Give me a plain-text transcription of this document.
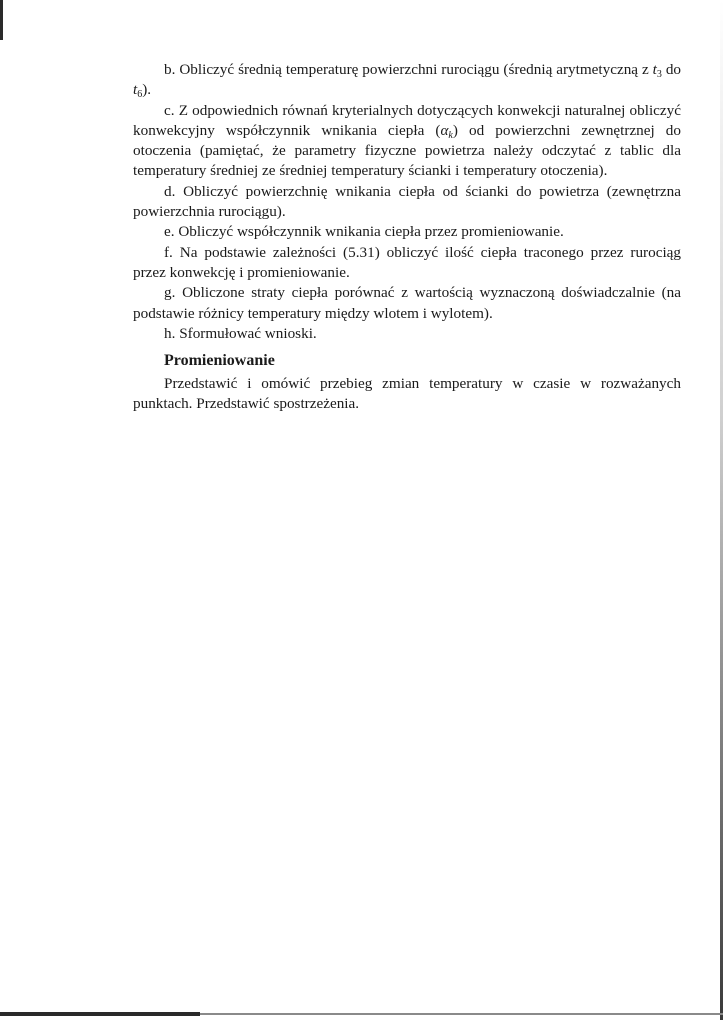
b. Obliczyć średnią temperaturę powierzchni rurociągu (średnią arytmetyczną z $t_3$ do $t_6$).

c. Z odpowiednich równań kryterialnych dotyczących konwekcji naturalnej obliczyć konwekcyjny współczynnik wnikania ciepła $(\alpha_k)$ od powierzchni zewnętrznej do otoczenia (pamiętać, że parametry fizyczne powietrza należy odczytać z tablic dla temperatury średniej ze średniej temperatury ścianki i temperatury otoczenia).

d. Obliczyć powierzchnię wnikania ciepła od ścianki do powietrza (zewnętrzna powierzchnia rurociągu).

e. Obliczyć współczynnik wnikania ciepła przez promieniowanie.

f. Na podstawie zależności (5.31) obliczyć ilość ciepła traconego przez rurociąg przez konwekcję i promieniowanie.

g. Obliczone straty ciepła porównać z wartością wyznaczoną doświadczalnie (na podstawie różnicy temperatury między wlotem i wylotem).

h. Sformułować wnioski.

Promieniowanie

Przedstawić i omówić przebieg zmian temperatury w czasie w rozważanych punktach. Przedstawić spostrzeżenia.
